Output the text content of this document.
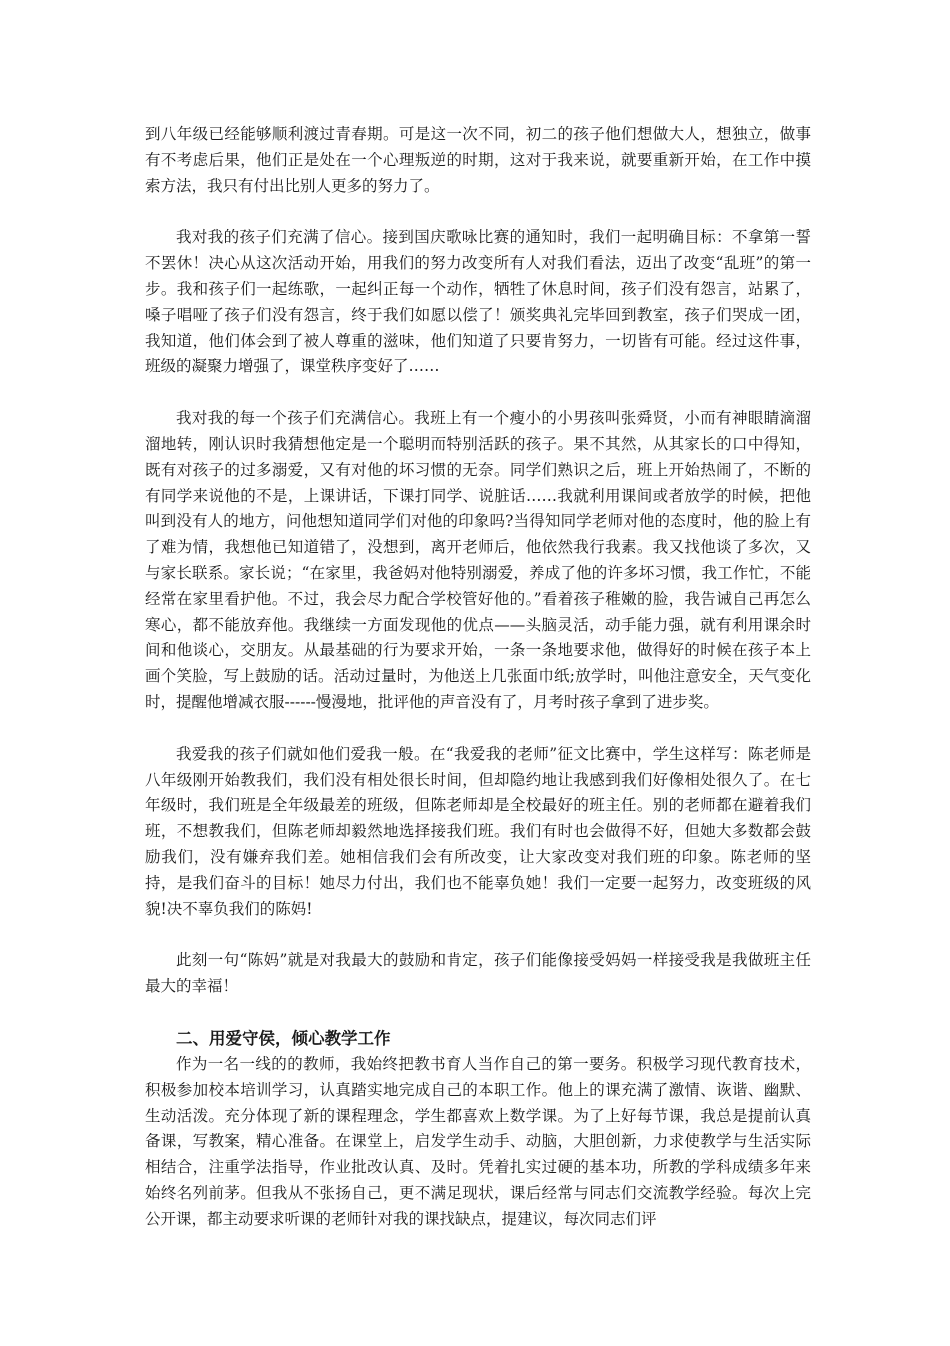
到八年级已经能够顺利渡过青春期。可是这一次不同，初二的孩子他们想做大人，想独立，做事有不考虑后果，他们正是处在一个心理叛逆的时期，这对于我来说，就要重新开始，在工作中摸索方法，我只有付出比别人更多的努力了。

我对我的孩子们充满了信心。接到国庆歌咏比赛的通知时，我们一起明确目标：不拿第一誓不罢休！决心从这次活动开始，用我们的努力改变所有人对我们看法，迈出了改变“乱班”的第一步。我和孩子们一起练歌，一起纠正每一个动作，牺牲了休息时间，孩子们没有怨言，站累了，嗓子唱哑了孩子们没有怨言，终于我们如愿以偿了！颁奖典礼完毕回到教室，孩子们哭成一团，我知道，他们体会到了被人尊重的滋味，他们知道了只要肯努力，一切皆有可能。经过这件事，班级的凝聚力增强了，课堂秩序变好了……

我对我的每一个孩子们充满信心。我班上有一个瘦小的小男孩叫张舜贤，小而有神眼睛滴溜溜地转，刚认识时我猜想他定是一个聪明而特别活跃的孩子。果不其然，从其家长的口中得知，既有对孩子的过多溺爱，又有对他的坏习惯的无奈。同学们熟识之后，班上开始热闹了，不断的有同学来说他的不是，上课讲话，下课打同学、说脏话……我就利用课间或者放学的时候，把他叫到没有人的地方，问他想知道同学们对他的印象吗?当得知同学老师对他的态度时，他的脸上有了难为情，我想他已知道错了，没想到，离开老师后，他依然我行我素。我又找他谈了多次，又与家长联系。家长说；“在家里，我爸妈对他特别溺爱，养成了他的许多坏习惯，我工作忙，不能经常在家里看护他。不过，我会尽力配合学校管好他的。”看着孩子稚嫩的脸，我告诫自己再怎么寒心，都不能放弃他。我继续一方面发现他的优点——头脑灵活，动手能力强，就有利用课余时间和他谈心，交朋友。从最基础的行为要求开始，一条一条地要求他，做得好的时候在孩子本上画个笑脸，写上鼓励的话。活动过量时，为他送上几张面巾纸;放学时，叫他注意安全，天气变化时，提醒他增减衣服------慢漫地，批评他的声音没有了，月考时孩子拿到了进步奖。

我爱我的孩子们就如他们爱我一般。在“我爱我的老师”征文比赛中，学生这样写：陈老师是八年级刚开始教我们，我们没有相处很长时间，但却隐约地让我感到我们好像相处很久了。在七年级时，我们班是全年级最差的班级，但陈老师却是全校最好的班主任。别的老师都在避着我们班，不想教我们，但陈老师却毅然地选择接我们班。我们有时也会做得不好，但她大多数都会鼓励我们，没有嫌弃我们差。她相信我们会有所改变，让大家改变对我们班的印象。陈老师的坚持，是我们奋斗的目标！她尽力付出，我们也不能辜负她！我们一定要一起努力，改变班级的风貌!决不辜负我们的陈妈!

此刻一句“陈妈”就是对我最大的鼓励和肯定，孩子们能像接受妈妈一样接受我是我做班主任最大的幸福！

二、用爱守侯，倾心教学工作

作为一名一线的的教师，我始终把教书育人当作自己的第一要务。积极学习现代教育技术，积极参加校本培训学习，认真踏实地完成自己的本职工作。他上的课充满了激情、诙谐、幽默、生动活泼。充分体现了新的课程理念，学生都喜欢上数学课。为了上好每节课，我总是提前认真备课，写教案，精心准备。在课堂上，启发学生动手、动脑，大胆创新，力求使教学与生活实际相结合，注重学法指导，作业批改认真、及时。凭着扎实过硬的基本功，所教的学科成绩多年来始终名列前茅。但我从不张扬自己，更不满足现状，课后经常与同志们交流教学经验。每次上完公开课，都主动要求听课的老师针对我的课找缺点，提建议，每次同志们评
